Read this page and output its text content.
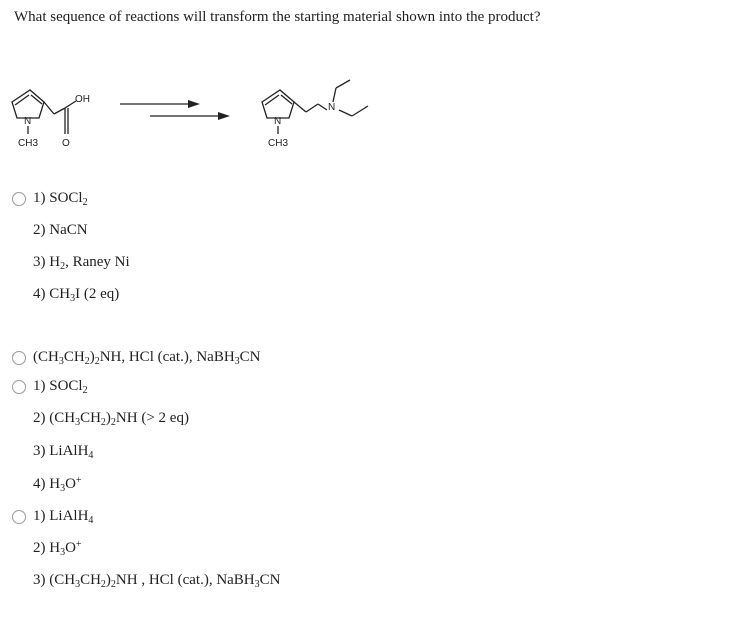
What sequence of reactions will transform the starting material shown into the product?
N
CH3
OH
O
N
CH3
N
1) SOCl$_2$
2) NaCN
3) $H_2$, Raney Ni
4) $CH_3I$ (2 eq)
$(CH_3CH_2)_2NH$, HCl (cat.), NaBH$_3$CN
1) SOCl$_2$
2) $(CH_3CH_2)_2NH$ (> 2 eq)
3) LiAlH$_4$
4) $H_3O^+$
1) LiAlH$_4$
2) $H_3O^+$
3) $(CH_3CH_2)_2NH$ , HCl (cat.), NaBH$_3$CN
